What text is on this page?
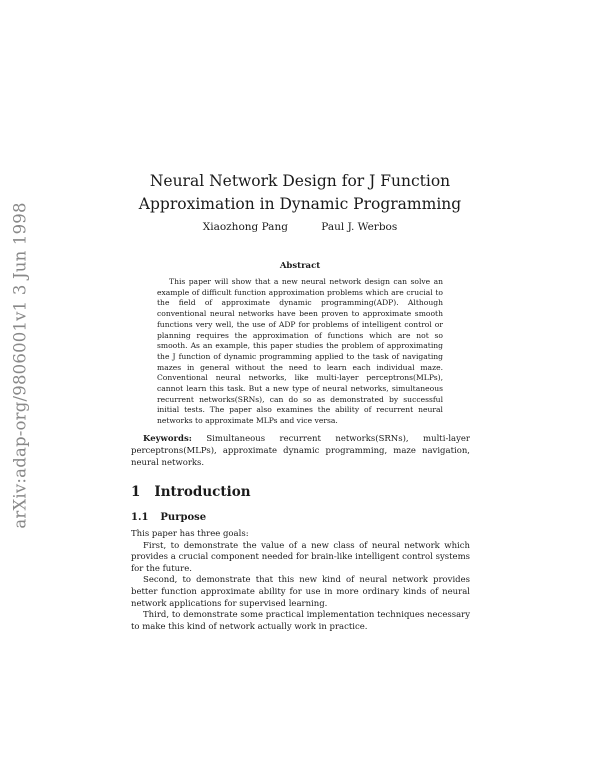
arXiv:adap-org/9806001v1 3 Jun 1998
Neural Network Design for J Function Approximation in Dynamic Programming
Xiaozhong Pang	Paul J. Werbos
Abstract
This paper will show that a new neural network design can solve an example of difficult function approximation problems which are crucial to the field of approximate dynamic programming(ADP). Although conventional neural networks have been proven to approximate smooth functions very well, the use of ADP for problems of intelligent control or planning requires the approximation of functions which are not so smooth. As an example, this paper studies the problem of approximating the J function of dynamic programming applied to the task of navigating mazes in general without the need to learn each individual maze. Conventional neural networks, like multi-layer perceptrons(MLPs), cannot learn this task. But a new type of neural networks, simultaneous recurrent networks(SRNs), can do so as demonstrated by successful initial tests. The paper also examines the ability of recurrent neural networks to approximate MLPs and vice versa.
Keywords: Simultaneous recurrent networks(SRNs), multi-layer perceptrons(MLPs), approximate dynamic programming, maze navigation, neural networks.
1 Introduction
1.1 Purpose

This paper has three goals:

First, to demonstrate the value of a new class of neural network which provides a crucial component needed for brain-like intelligent control systems for the future.

Second, to demonstrate that this new kind of neural network provides better function approximate ability for use in more ordinary kinds of neural network applications for supervised learning.

Third, to demonstrate some practical implementation techniques necessary to make this kind of network actually work in practice.
